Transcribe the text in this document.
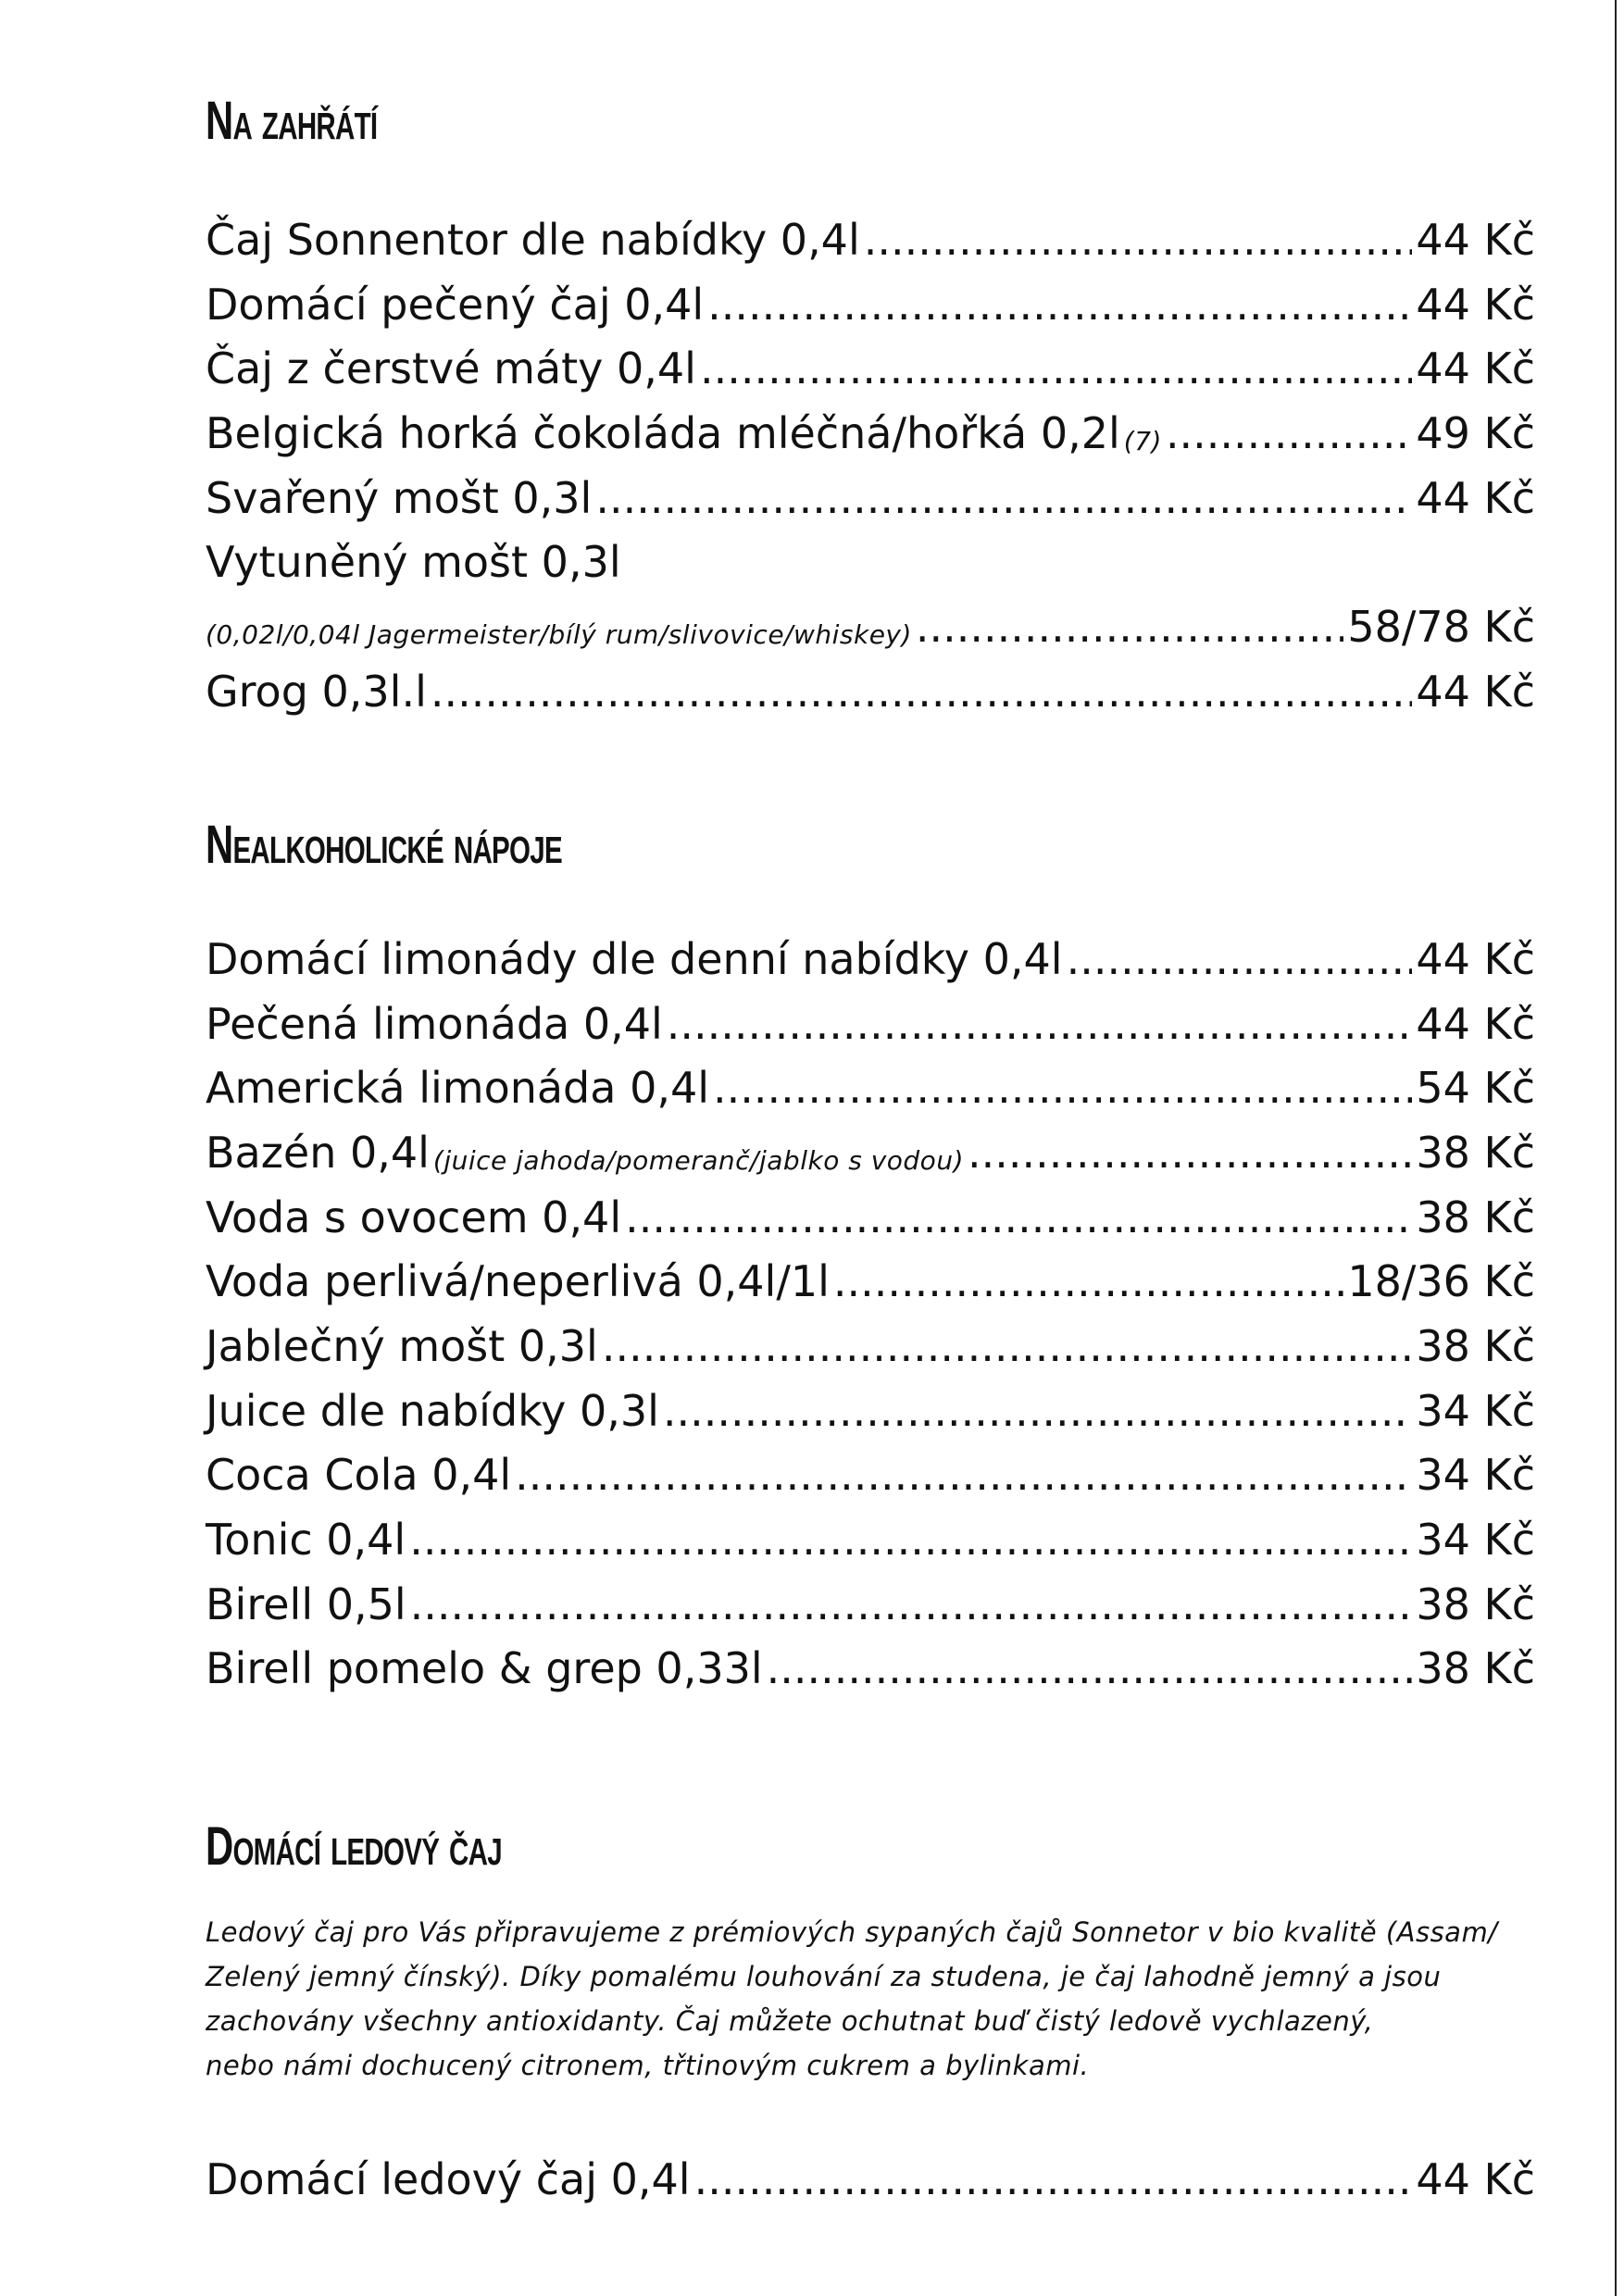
Na zahřátí
Čaj Sonnentor dle nabídky 0,4l .....	44 Kč
Domácí pečený čaj 0,4l .....	44 Kč
Čaj z čerstvé máty 0,4l .....	44 Kč
Belgická horká čokoláda mléčná/hořká 0,2l (7) .....	49 Kč
Svařený mošt 0,3l .....	44 Kč
Vytuněný mošt 0,3l
(0,02l/0,04l Jagermeister/bílý rum/slivovice/whiskey) .....	58/78 Kč
Grog 0,3l.l .....	44 Kč
Nealkoholické nápoje
Domácí limonády dle denní nabídky 0,4l .....	44 Kč
Pečená limonáda 0,4l .....	44 Kč
Americká limonáda 0,4l .....	54 Kč
Bazén 0,4l (juice jahoda/pomeranč/jablko s vodou) .....	38 Kč
Voda s ovocem 0,4l .....	38 Kč
Voda perlivá/neperlivá 0,4l/1l .....	18/36 Kč
Jablečný mošt 0,3l .....	38 Kč
Juice dle nabídky 0,3l .....	34 Kč
Coca Cola 0,4l .....	34 Kč
Tonic 0,4l .....	34 Kč
Birell 0,5l .....	38 Kč
Birell pomelo & grep 0,33l .....	38 Kč
Domácí ledový čaj
Ledový čaj pro Vás připravujeme z prémiových sypaných čajů Sonnetor v bio kvalitě (Assam/
Zelený jemný čínský). Díky pomalému louhování za studena, je čaj lahodně jemný a jsou
zachovány všechny antioxidanty. Čaj můžete ochutnat buď čistý ledově vychlazený,
nebo námi dochucený citronem, třtinovým cukrem a bylinkami.
Domácí ledový čaj 0,4l .....	44 Kč
